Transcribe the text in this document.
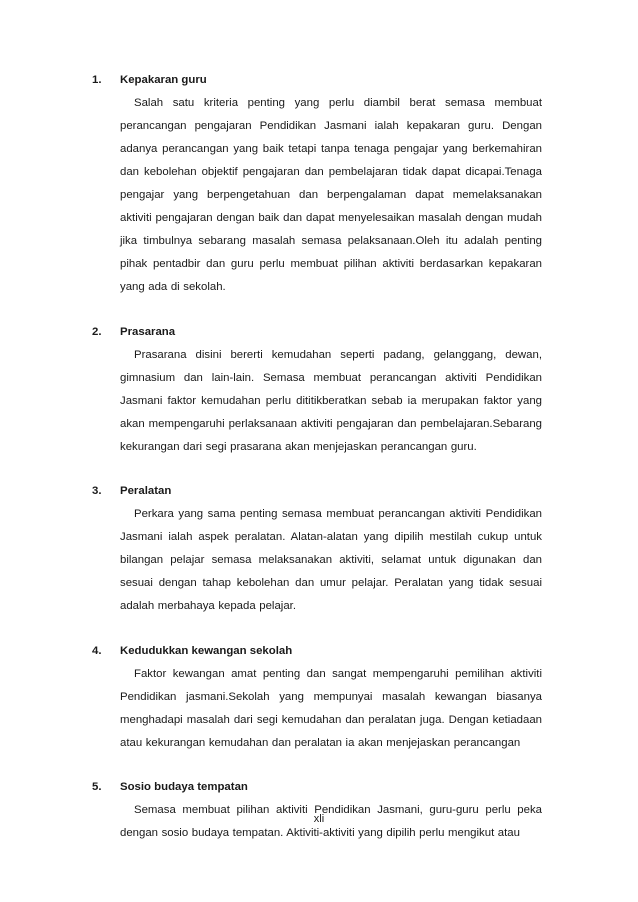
1.	Kepakaran guru

Salah satu kriteria penting yang perlu diambil berat semasa membuat perancangan pengajaran Pendidikan Jasmani ialah kepakaran guru. Dengan adanya perancangan yang baik tetapi tanpa tenaga pengajar yang berkemahiran dan kebolehan objektif pengajaran dan pembelajaran tidak dapat dicapai.Tenaga pengajar yang berpengetahuan dan berpengalaman dapat memelaksanakan aktiviti pengajaran dengan baik dan dapat menyelesaikan masalah dengan mudah jika timbulnya sebarang masalah semasa pelaksanaan.Oleh itu adalah penting pihak pentadbir dan guru perlu membuat pilihan aktiviti berdasarkan kepakaran yang ada di sekolah.

2.	Prasarana

Prasarana disini bererti kemudahan seperti padang, gelanggang, dewan, gimnasium dan lain-lain. Semasa membuat perancangan aktiviti Pendidikan Jasmani faktor kemudahan perlu dititikberatkan sebab ia merupakan faktor yang akan mempengaruhi perlaksanaan aktiviti pengajaran dan pembelajaran.Sebarang kekurangan dari segi prasarana akan menjejaskan perancangan guru.

3.	Peralatan

Perkara yang sama penting semasa membuat perancangan aktiviti Pendidikan Jasmani ialah aspek peralatan. Alatan-alatan yang dipilih mestilah cukup untuk bilangan pelajar semasa melaksanakan aktiviti, selamat untuk digunakan dan sesuai dengan tahap kebolehan dan umur pelajar. Peralatan yang tidak sesuai adalah merbahaya kepada pelajar.

4.	Kedudukkan kewangan sekolah

Faktor kewangan amat penting dan sangat mempengaruhi pemilihan aktiviti Pendidikan jasmani.Sekolah yang mempunyai masalah kewangan biasanya menghadapi masalah dari segi kemudahan dan peralatan juga. Dengan ketiadaan atau kekurangan kemudahan dan peralatan ia akan menjejaskan perancangan

5.	Sosio budaya tempatan

Semasa membuat pilihan aktiviti Pendidikan Jasmani, guru-guru perlu peka dengan sosio budaya tempatan. Aktiviti-aktiviti yang dipilih perlu mengikut atau

xli
